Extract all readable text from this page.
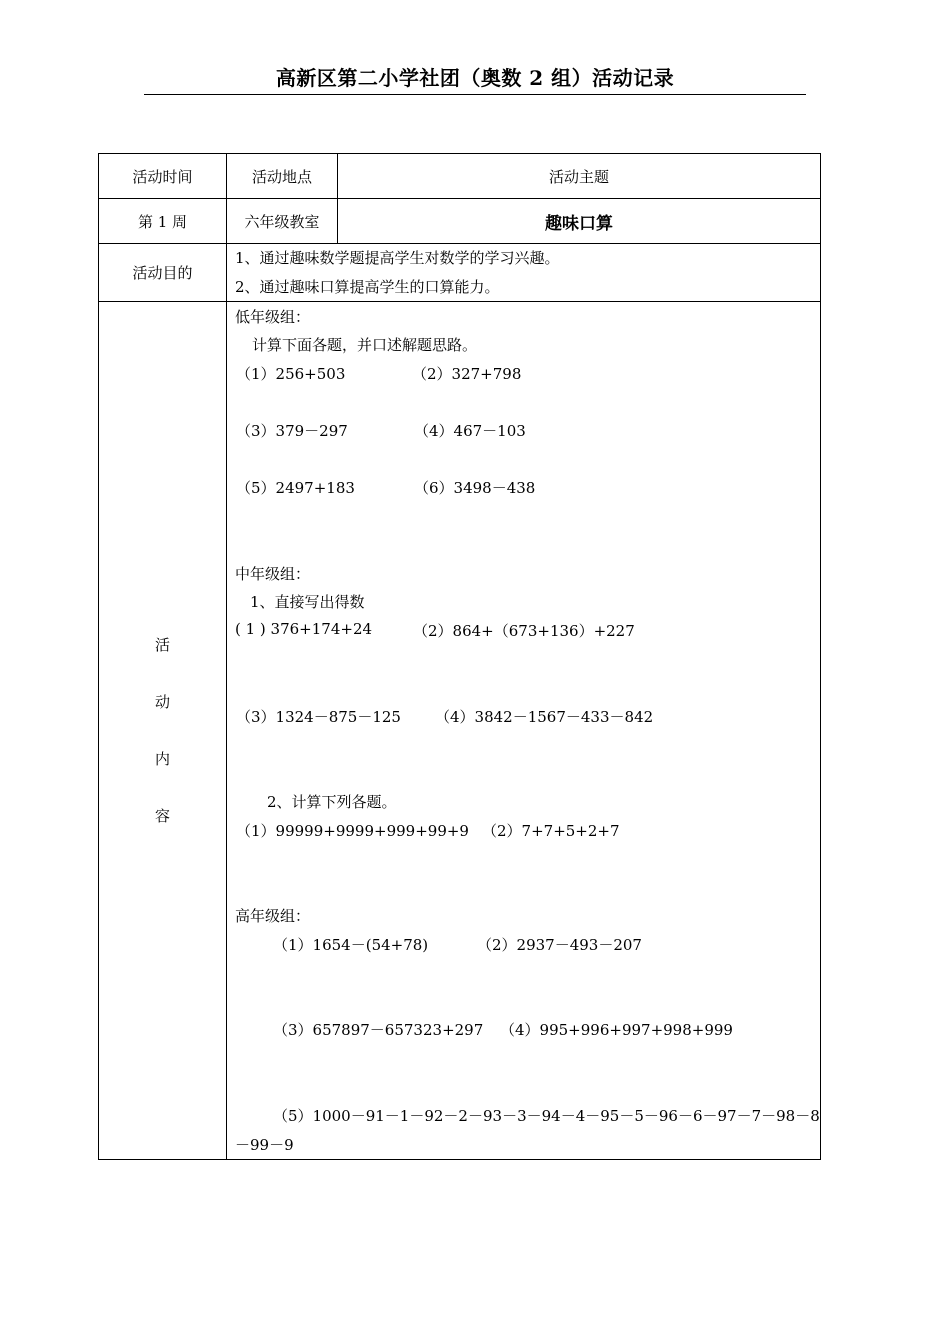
高新区第二小学社团（奥数 2 组）活动记录
活动时间	活动地点	活动主题
第 1 周	六年级教室	趣味口算
活动目的
1、通过趣味数学题提高学生对数学的学习兴趣。
2、通过趣味口算提高学生的口算能力。
活
动
内
容
低年级组：
计算下面各题，并口述解题思路。
（1）256+503	（2）327+798
（3）379－297	（4）467－103
（5）2497+183	（6）3498－438
中年级组：
1、直接写出得数
( 1 ) 376+174+24	（2）864+（673+136）+227
（3）1324－875－125 （4）3842－1567－433－842
2、计算下列各题。
（1）99999+9999+999+99+9 （2）7+7+5+2+7
高年级组：
（1）1654－(54+78)	（2）2937－493－207
（3）657897－657323+297 （4）995+996+997+998+999
（5）1000－91－1－92－2－93－3－94－4－95－5－96－6－97－7－98－8
－99－9
